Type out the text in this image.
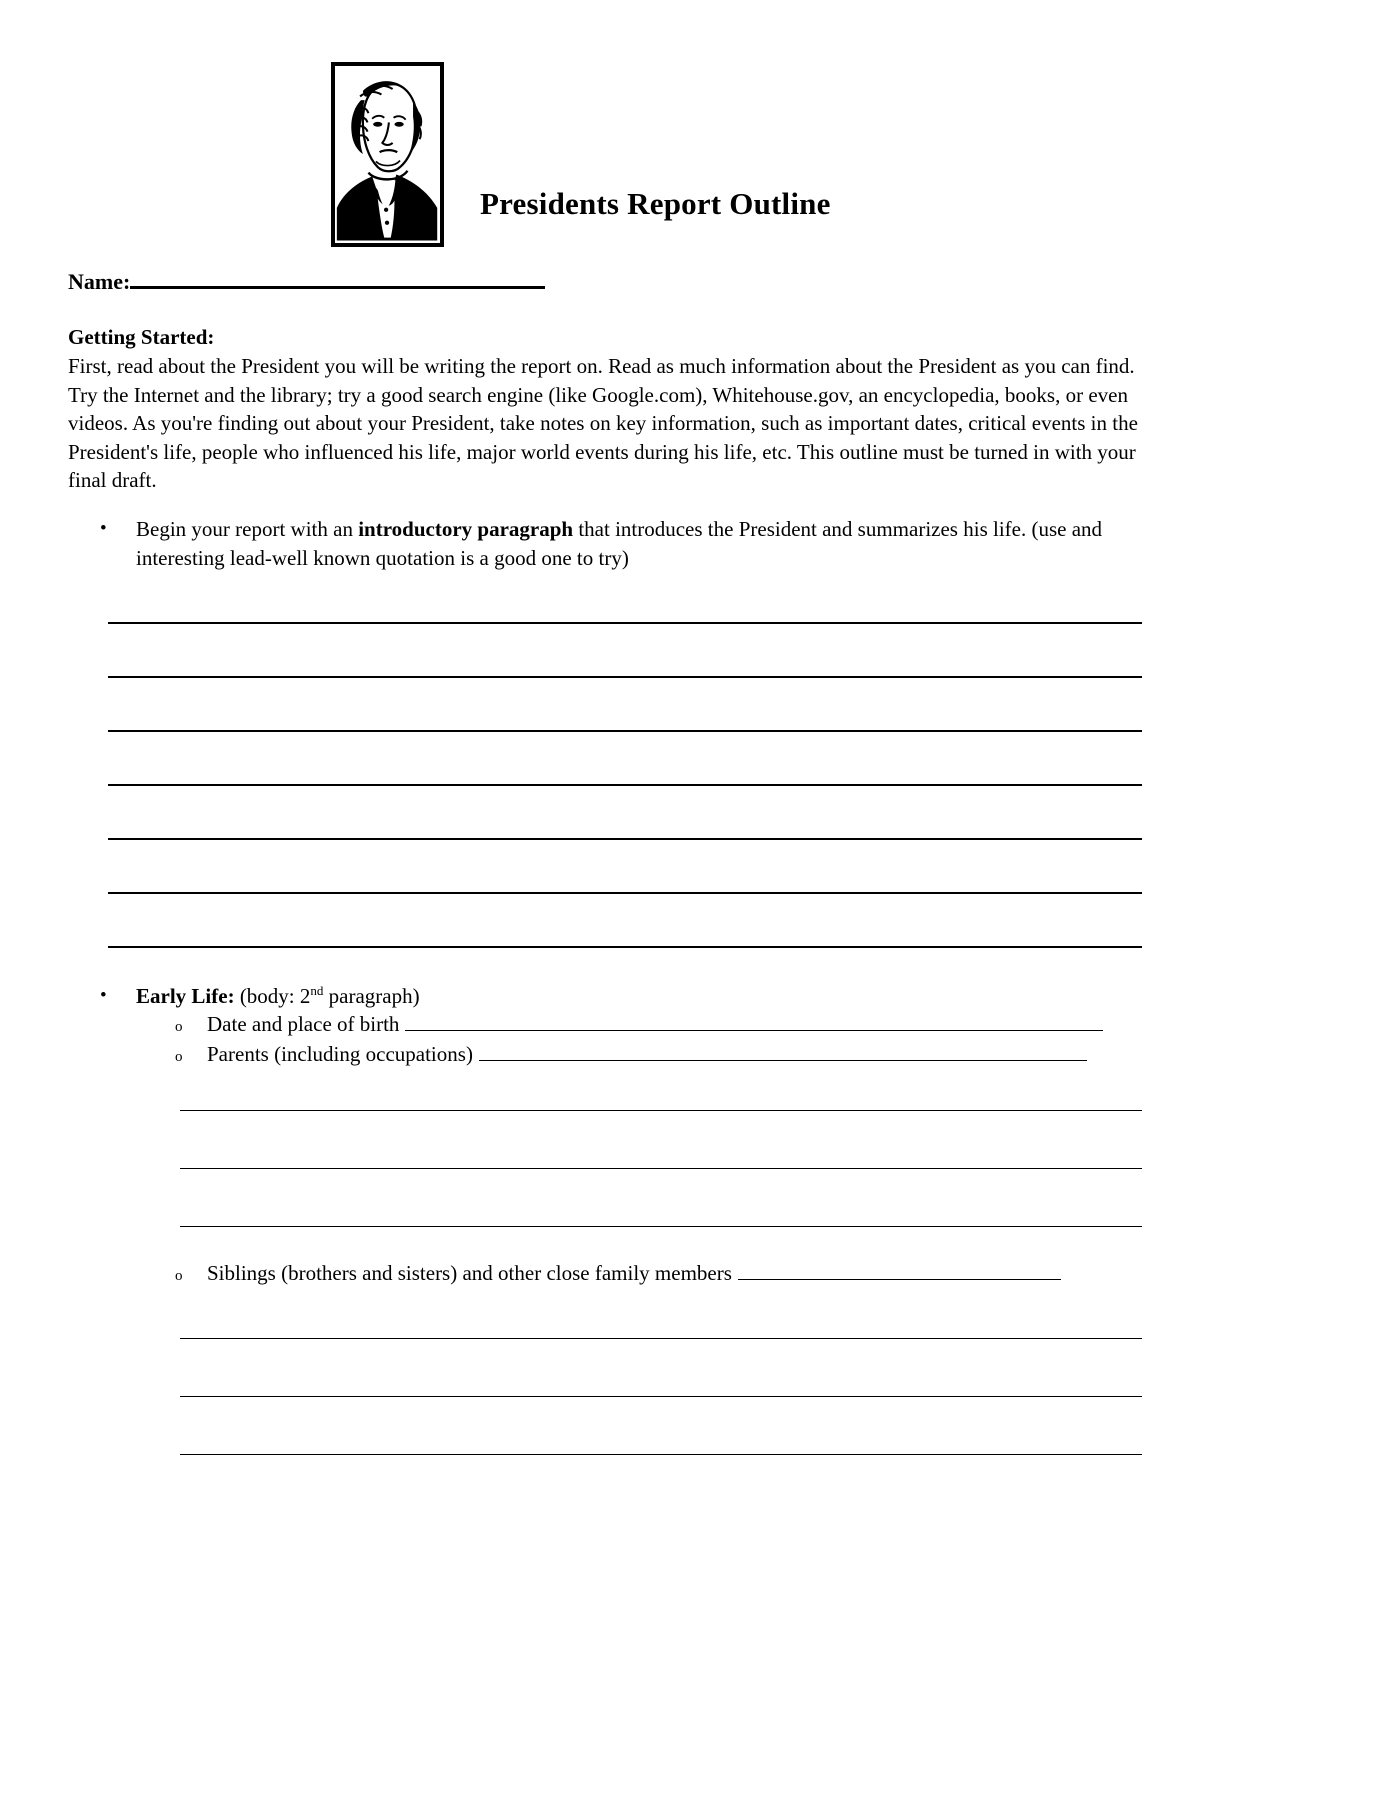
Presidents Report Outline
Name:
Getting Started:
First, read about the President you will be writing the report on. Read as much information about the President as you can find. Try the Internet and the library; try a good search engine (like Google.com), Whitehouse.gov, an encyclopedia, books, or even videos. As you're finding out about your President, take notes on key information, such as important dates, critical events in the President's life, people who influenced his life, major world events during his life, etc. This outline must be turned in with your final draft.
•	Begin your report with an introductory paragraph that introduces the President and summarizes his life. (use and interesting lead-well known quotation is a good one to try)
•	Early Life: (body: 2nd paragraph)
o	Date and place of birth
o	Parents (including occupations)
o	Siblings (brothers and sisters) and other close family members
